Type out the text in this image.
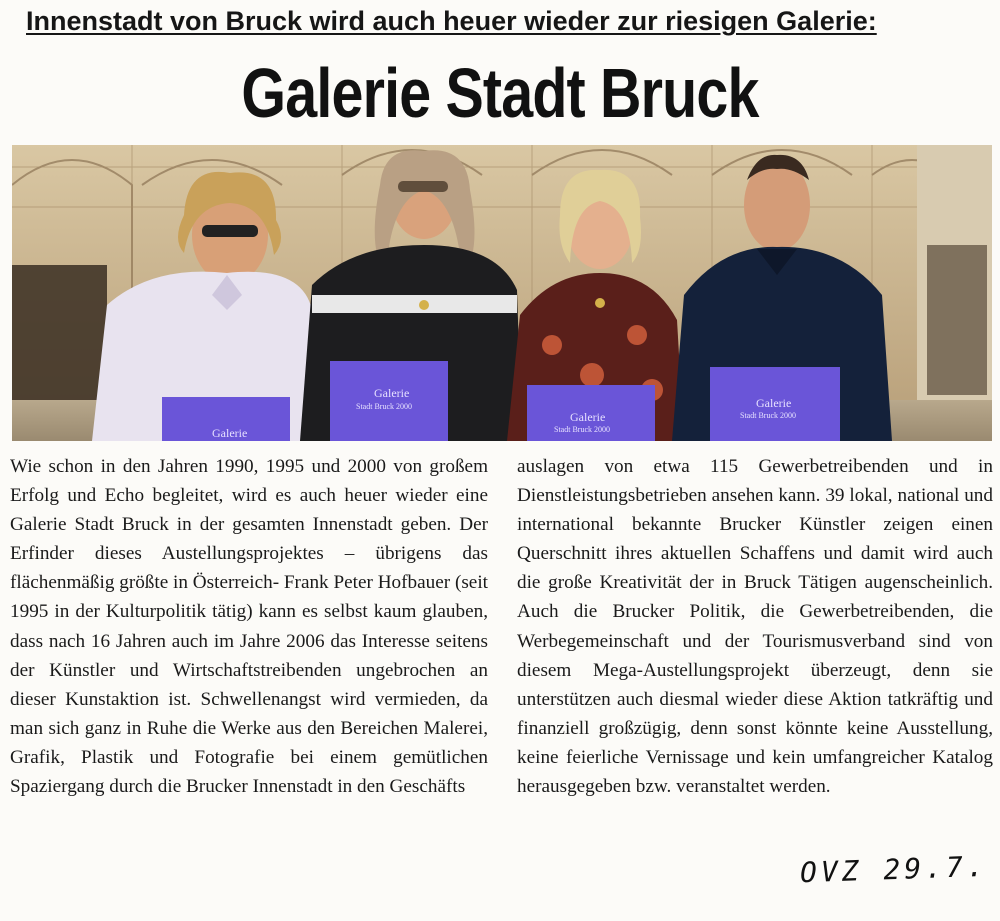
Innenstadt von Bruck wird auch heuer wieder zur riesigen Galerie:
Galerie Stadt Bruck
Galerie
Galerie
Stadt Bruck 2000
Galerie
Stadt Bruck 2000
Galerie
Stadt Bruck 2000

Wie schon in den Jahren 1990, 1995 und 2000 von großem Erfolg und Echo begleitet, wird es auch heuer wieder eine Galerie Stadt Bruck in der gesamten Innenstadt geben. Der Erfinder dieses Austellungsprojektes – übrigens das flächenmäßig größte in Österreich- Frank Peter Hofbauer (seit 1995 in der Kulturpolitik tätig) kann es selbst kaum glauben, dass nach 16 Jahren auch im Jahre 2006 das Interesse seitens der Künstler und Wirtschaftstreibenden ungebrochen an dieser Kunstaktion ist. Schwellenangst wird vermieden, da man sich ganz in Ruhe die Werke aus den Bereichen Malerei, Grafik, Plastik und Fotografie bei einem gemütlichen Spaziergang durch die Brucker Innenstadt in den Geschäfts

auslagen von etwa 115 Gewerbetreibenden und in Dienstleistungsbetrieben ansehen kann. 39 lokal, national und international bekannte Brucker Künstler zeigen einen Querschnitt ihres aktuellen Schaffens und damit wird auch die große Kreativität der in Bruck Tätigen augenscheinlich. Auch die Brucker Politik, die Gewerbetreibenden, die Werbegemeinschaft und der Tourismusverband sind von diesem Mega-Austellungsprojekt überzeugt, denn sie unterstützen auch diesmal wieder diese Aktion tatkräftig und finanziell großzügig, denn sonst könnte keine Ausstellung, keine feierliche Vernissage und kein umfangreicher Katalog herausgegeben bzw. veranstaltet werden.

OVZ 29.7.
